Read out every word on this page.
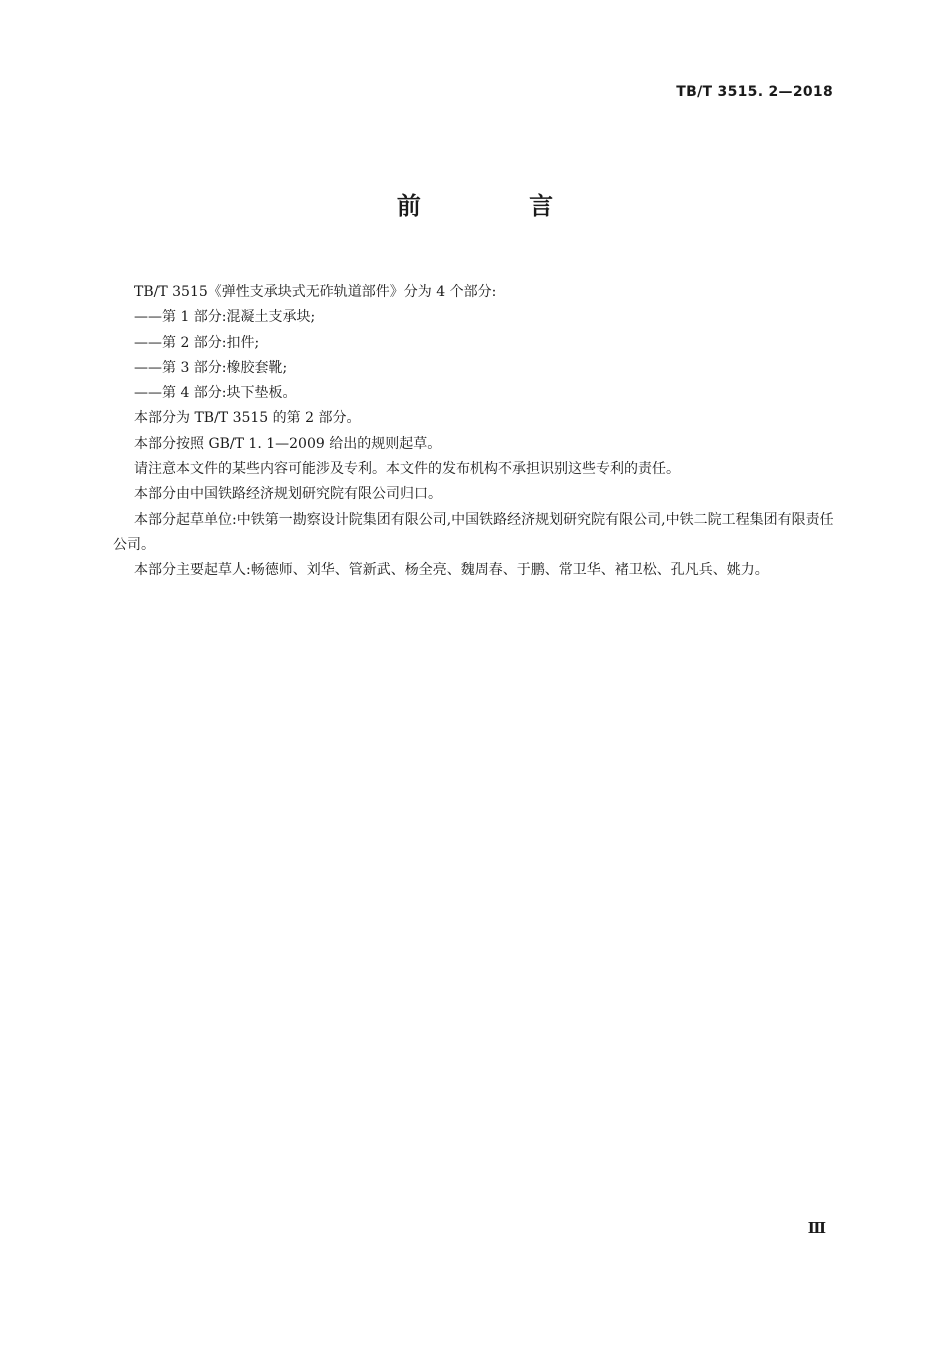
TB/T 3515. 2—2018
前 言

TB/T 3515《弹性支承块式无砟轨道部件》分为 4 个部分:

——第 1 部分:混凝土支承块;

——第 2 部分:扣件;

——第 3 部分:橡胶套靴;

——第 4 部分:块下垫板。

本部分为 TB/T 3515 的第 2 部分。

本部分按照 GB/T 1. 1—2009 给出的规则起草。

请注意本文件的某些内容可能涉及专利。本文件的发布机构不承担识别这些专利的责任。

本部分由中国铁路经济规划研究院有限公司归口。

本部分起草单位:中铁第一勘察设计院集团有限公司,中国铁路经济规划研究院有限公司,中铁二院工程集团有限责任公司。

本部分主要起草人:畅德师、刘华、管新武、杨全亮、魏周春、于鹏、常卫华、褚卫松、孔凡兵、姚力。

Ⅲ
